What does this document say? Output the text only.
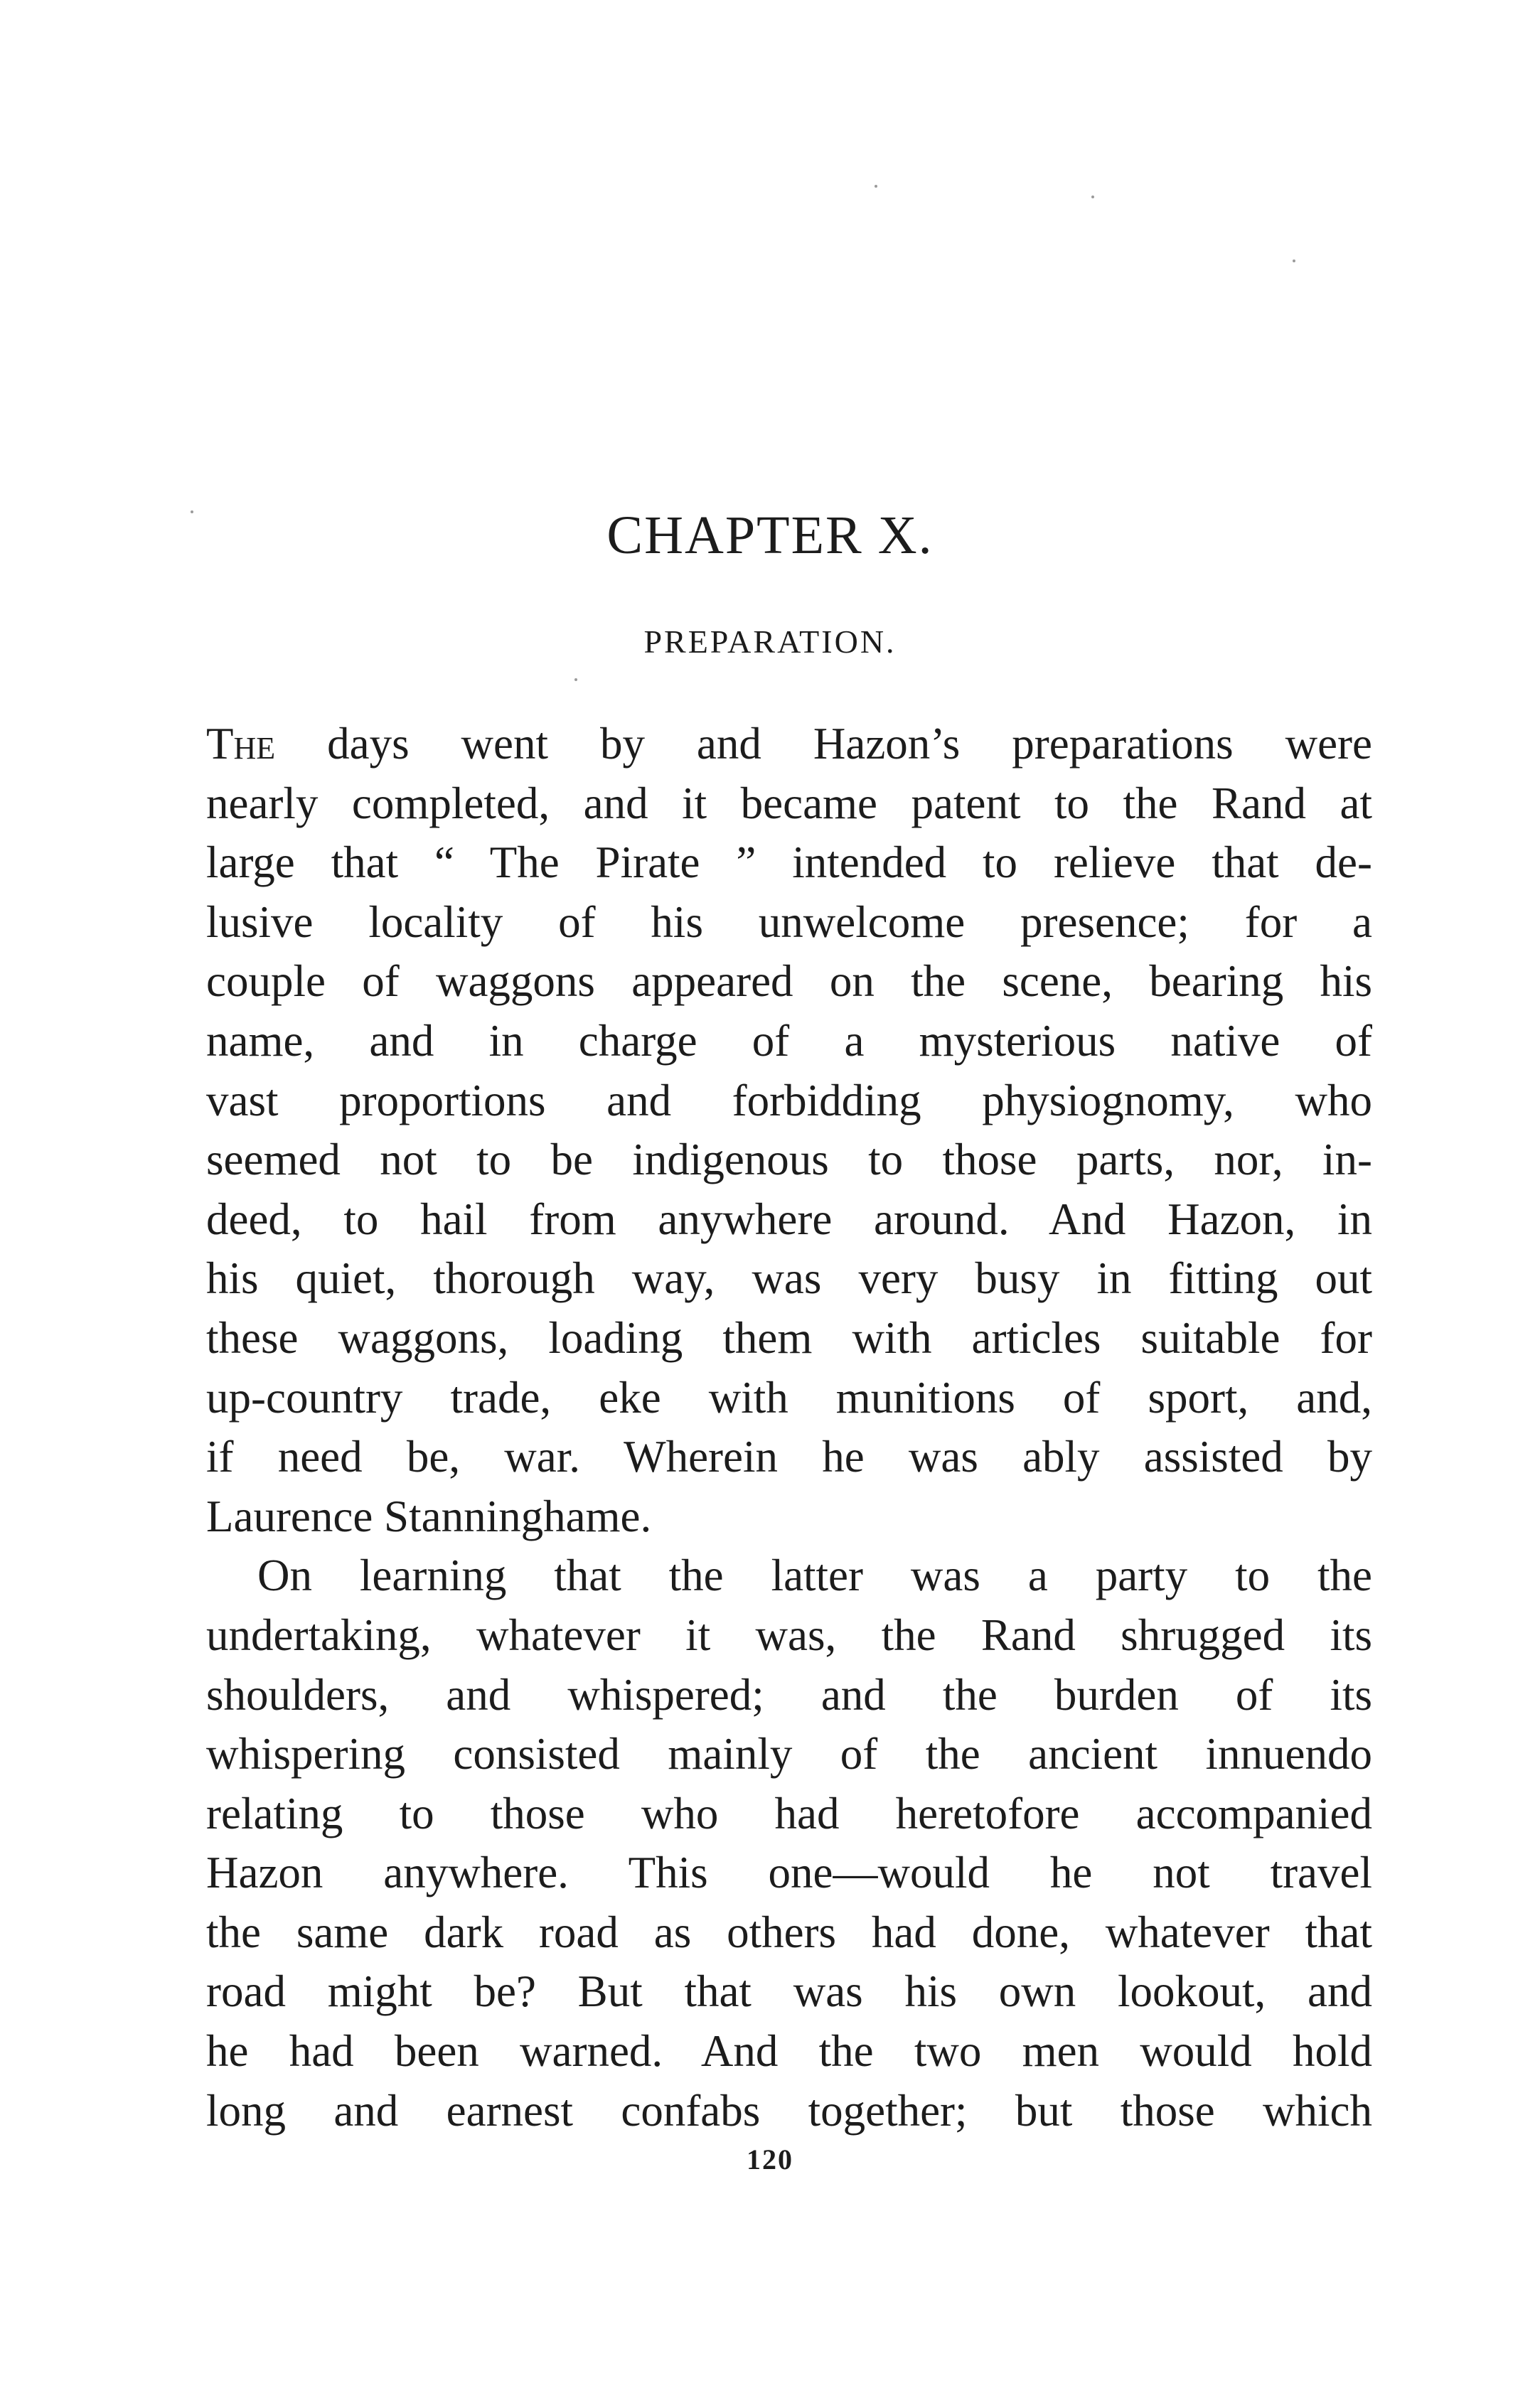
CHAPTER X.
PREPARATION.
The days went by and Hazon’s preparations were
nearly completed, and it became patent to the Rand at
large that “ The Pirate ” intended to relieve that de-
lusive locality of his unwelcome presence; for a
couple of waggons appeared on the scene, bearing his
name, and in charge of a mysterious native of
vast proportions and forbidding physiognomy, who
seemed not to be indigenous to those parts, nor, in-
deed, to hail from anywhere around. And Hazon, in
his quiet, thorough way, was very busy in fitting out
these waggons, loading them with articles suitable for
up-country trade, eke with munitions of sport, and,
if need be, war. Wherein he was ably assisted by
Laurence Stanninghame.
On learning that the latter was a party to the
undertaking, whatever it was, the Rand shrugged its
shoulders, and whispered; and the burden of its
whispering consisted mainly of the ancient innuendo
relating to those who had heretofore accompanied
Hazon anywhere. This one—would he not travel
the same dark road as others had done, whatever that
road might be? But that was his own lookout, and
he had been warned. And the two men would hold
long and earnest confabs together; but those which
120
